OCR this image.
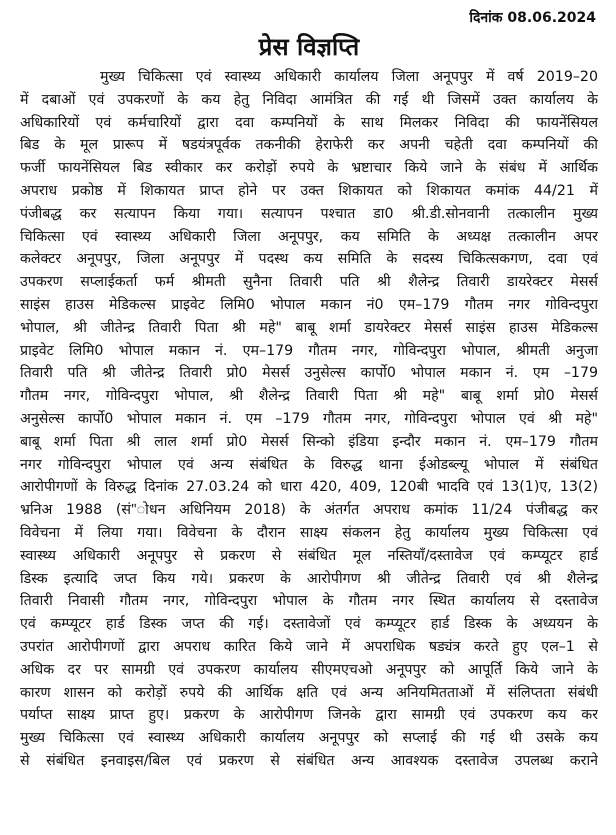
दिनांक 08.06.2024
प्रेस विज्ञप्ति
मुख्य चिकित्सा एवं स्वास्थ्य अधिकारी कार्यालय जिला अनूपपुर में वर्ष 2019–20
में दबाओं एवं उपकरणों के कय हेतु निविदा आमंत्रित की गई थी जिसमें उक्त कार्यालय के
अधिकारियों एवं कर्मचारियों द्वारा दवा कम्पनियों के साथ मिलकर निविदा की फायनेंसियल
बिड के मूल प्रारूप में षडयंत्रपूर्वक तकनीकी हेराफेरी कर अपनी चहेती दवा कम्पनियों की
फर्जी फायनेंसियल बिड स्वीकार कर करोड़ों रुपये के भ्रष्टाचार किये जाने के संबंध में आर्थिक
अपराध प्रकोष्ठ में शिकायत प्राप्त होने पर उक्त शिकायत को शिकायत कमांक 44/21 में
पंजीबद्ध कर सत्यापन किया गया। सत्यापन पश्चात डा0 श्री.डी.सोनवानी तत्कालीन मुख्य
चिकित्सा एवं स्वास्थ्य अधिकारी जिला अनूपपुर, कय समिति के अध्यक्ष तत्कालीन अपर
कलेक्टर अनूपपुर, जिला अनूपपुर में पदस्थ कय समिति के सदस्य चिकित्सकगण, दवा एवं
उपकरण सप्लाईकर्ता फर्म श्रीमती सुनैना तिवारी पति श्री शैलेन्द्र तिवारी डायरेक्टर मेसर्स
साइंस हाउस मेडिकल्स प्राइवेट लिमि0 भोपाल मकान नं0 एम–179 गौतम नगर गोविन्दपुरा
भोपाल, श्री जीतेन्द्र तिवारी पिता श्री महे" बाबू शर्मा डायरेक्टर मेसर्स साइंस हाउस मेडिकल्स
प्राइवेट लिमि0 भोपाल मकान नं. एम–179 गौतम नगर, गोविन्दपुरा भोपाल, श्रीमती अनुजा
तिवारी पति श्री जीतेन्द्र तिवारी प्रो0 मेसर्स उनुसेल्स कार्पो0 भोपाल मकान नं. एम –179
गौतम नगर, गोविन्दपुरा भोपाल, श्री शैलेन्द्र तिवारी पिता श्री महे" बाबू शर्मा प्रो0 मेसर्स
अनुसेल्स कार्पो0 भोपाल मकान नं. एम –179 गौतम नगर, गोविन्दपुरा भोपाल एवं श्री महे"
बाबू शर्मा पिता श्री लाल शर्मा प्रो0 मेसर्स सिन्को इंडिया इन्दौर मकान नं. एम–179 गौतम
नगर गोविन्दपुरा भोपाल एवं अन्य संबंधित के विरुद्ध थाना ईओडब्ल्यू भोपाल में संबंधित
आरोपीगणों के विरुद्ध दिनांक 27.03.24 को धारा 420, 409, 120बी भादवि एवं 13(1)ए, 13(2)
भ्रनिअ 1988 (सं"ोधन अधिनियम 2018) के अंतर्गत अपराध कमांक 11/24 पंजीबद्ध कर
विवेचना में लिया गया। विवेचना के दौरान साक्ष्य संकलन हेतु कार्यालय मुख्य चिकित्सा एवं
स्वास्थ्य अधिकारी अनूपपुर से प्रकरण से संबंधित मूल नस्तियाँ/दस्तावेज एवं कम्प्यूटर हार्ड
डिस्क इत्यादि जप्त किय गये। प्रकरण के आरोपीगण श्री जीतेन्द्र तिवारी एवं श्री शैलेन्द्र
तिवारी निवासी गौतम नगर, गोविन्दपुरा भोपाल के गौतम नगर स्थित कार्यालय से दस्तावेज
एवं कम्प्यूटर हार्ड डिस्क जप्त की गई। दस्तावेजों एवं कम्प्यूटर हार्ड डिस्क के अध्ययन के
उपरांत आरोपीगणों द्वारा अपराध कारित किये जाने में अपराधिक षड्यंत्र करते हुए एल–1 से
अधिक दर पर सामग्री एवं उपकरण कार्यालय सीएमएचओ अनूपपुर को आपूर्ति किये जाने के
कारण शासन को करोड़ों रुपये की आर्थिक क्षति एवं अन्य अनियमितताओं में संलिप्तता संबंधी
पर्याप्त साक्ष्य प्राप्त हुए। प्रकरण के आरोपीगण जिनके द्वारा सामग्री एवं उपकरण कय कर
मुख्य चिकित्सा एवं स्वास्थ्य अधिकारी कार्यालय अनूपपुर को सप्लाई की गई थी उसके कय
से संबंधित इनवाइस/बिल एवं प्रकरण से संबंधित अन्य आवश्यक दस्तावेज उपलब्ध कराने
